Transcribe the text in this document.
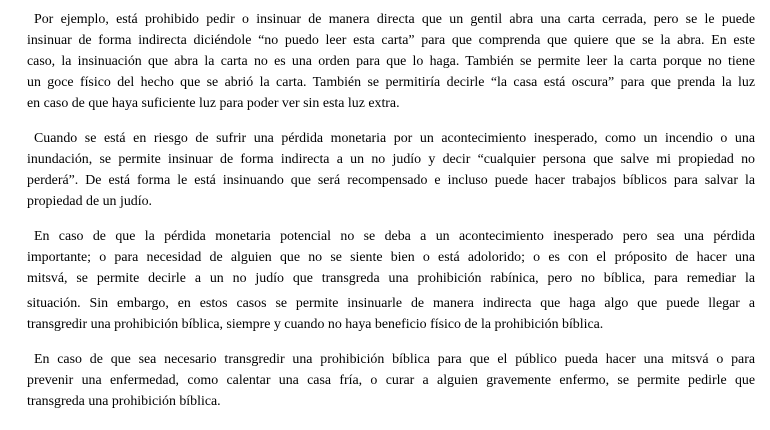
Por ejemplo, está prohibido pedir o insinuar de manera directa que un gentil abra una carta cerrada, pero se le puede
insinuar de forma indirecta diciéndole “no puedo leer esta carta” para que comprenda que quiere que se la abra. En este
caso, la insinuación que abra la carta no es una orden para que lo haga. También se permite leer la carta porque no tiene
un goce físico del hecho que se abrió la carta. También se permitiría decirle “la casa está oscura” para que prenda la luz
en caso de que haya suficiente luz para poder ver sin esta luz extra.
Cuando se está en riesgo de sufrir una pérdida monetaria por un acontecimiento inesperado, como un incendio o una
inundación, se permite insinuar de forma indirecta a un no judío y decir “cualquier persona que salve mi propiedad no
perderá”. De está forma le está insinuando que será recompensado e incluso puede hacer trabajos bíblicos para salvar la
propiedad de un judío.
En caso de que la pérdida monetaria potencial no se deba a un acontecimiento inesperado pero sea una pérdida
importante; o para necesidad de alguien que no se siente bien o está adolorido; o es con el próposito de hacer una
mitsvá, se permite decirle a un no judío que transgreda una prohibición rabínica, pero no bíblica, para remediar la
situación. Sin embargo, en estos casos se permite insinuarle de manera indirecta que haga algo que puede llegar a
transgredir una prohibición bíblica, siempre y cuando no haya beneficio físico de la prohibición bíblica.
En caso de que sea necesario transgredir una prohibición bíblica para que el público pueda hacer una mitsvá o para
prevenir una enfermedad, como calentar una casa fría, o curar a alguien gravemente enfermo, se permite pedirle que
transgreda una prohibición bíblica.
